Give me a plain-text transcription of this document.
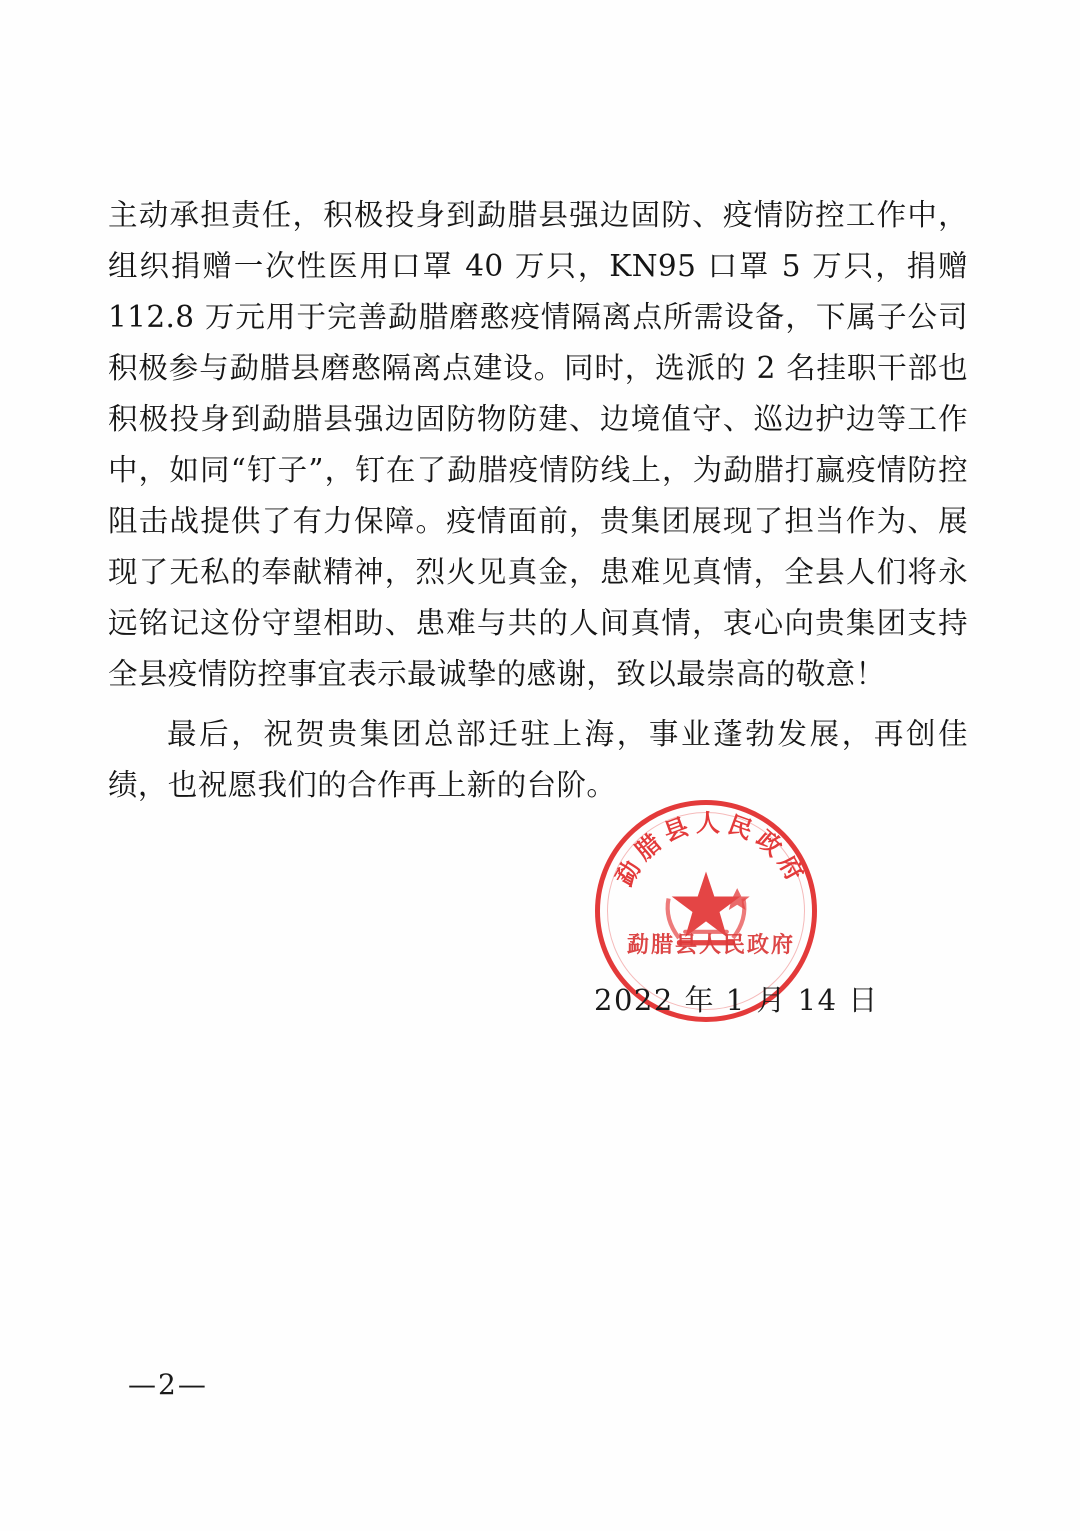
主动承担责任，积极投身到勐腊县强边固防、疫情防控工作中，组织捐赠一次性医用口罩 40 万只，KN95 口罩 5 万只，捐赠 112.8 万元用于完善勐腊磨憨疫情隔离点所需设备，下属子公司积极参与勐腊县磨憨隔离点建设。同时，选派的 2 名挂职干部也积极投身到勐腊县强边固防物防建、边境值守、巡边护边等工作中，如同“钉子”，钉在了勐腊疫情防线上，为勐腊打赢疫情防控阻击战提供了有力保障。疫情面前，贵集团展现了担当作为、展现了无私的奉献精神，烈火见真金，患难见真情，全县人们将永远铭记这份守望相助、患难与共的人间真情，衷心向贵集团支持全县疫情防控事宜表示最诚挚的感谢，致以最崇高的敬意！

最后，祝贺贵集团总部迁驻上海，事业蓬勃发展，再创佳绩，也祝愿我们的合作再上新的台阶。

勐腊县人民政府
勐腊县人民政府
2022 年 1 月 14 日
—2—
